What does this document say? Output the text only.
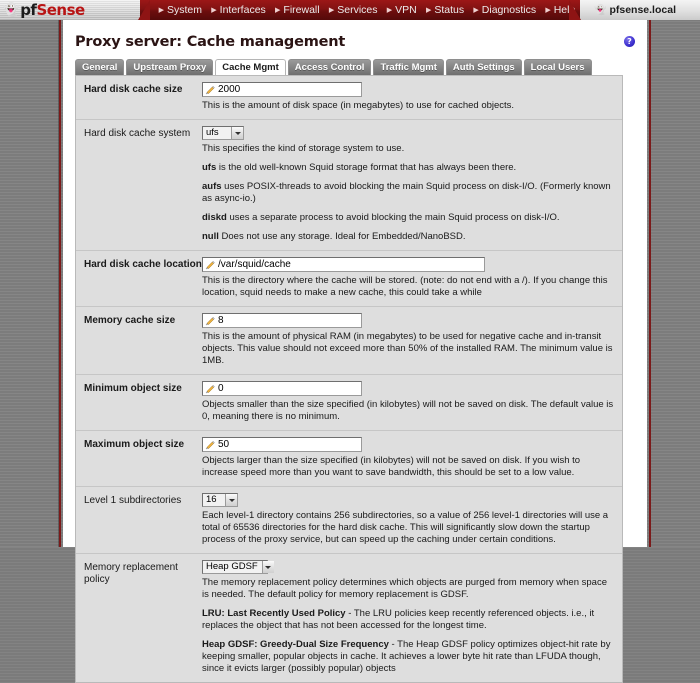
👻 pfSense	▶ System ▶ Interfaces ▶ Firewall ▶ Services ▶ VPN ▶ Status ▶ Diagnostics ▶ Help 👻 pfsense.local
Proxy server: Cache management	?
General	Upstream Proxy	Cache Mgmt	Access Control	Traffic Mgmt	Auth Settings	Local Users
Hard disk cache size	2000
This is the amount of disk space (in megabytes) to use for cached objects.
Hard disk cache system	ufs
This specifies the kind of storage system to use.
ufs is the old well-known Squid storage format that has always been there.
aufs uses POSIX-threads to avoid blocking the main Squid process on disk-I/O. (Formerly known as async-io.)
diskd uses a separate process to avoid blocking the main Squid process on disk-I/O.
null Does not use any storage. Ideal for Embedded/NanoBSD.
Hard disk cache location /var/squid/cache
This is the directory where the cache will be stored. (note: do not end with a /). If you change this location, squid needs to make a new cache, this could take a while
Memory cache size	8
This is the amount of physical RAM (in megabytes) to be used for negative cache and in-transit objects. This value should not exceed more than 50% of the installed RAM. The minimum value is 1MB.
Minimum object size	0
Objects smaller than the size specified (in kilobytes) will not be saved on disk. The default value is 0, meaning there is no minimum.
Maximum object size	50
Objects larger than the size specified (in kilobytes) will not be saved on disk. If you wish to increase speed more than you want to save bandwidth, this should be set to a low value.
Level 1 subdirectories	16
Each level-1 directory contains 256 subdirectories, so a value of 256 level-1 directories will use a total of 65536 directories for the hard disk cache. This will significantly slow down the startup process of the proxy service, but can speed up the caching under certain conditions.
Memory replacement policy
Heap GDSF
The memory replacement policy determines which objects are purged from memory when space is needed. The default policy for memory replacement is GDSF.
LRU: Last Recently Used Policy - The LRU policies keep recently referenced objects. i.e., it replaces the object that has not been accessed for the longest time.
Heap GDSF: Greedy-Dual Size Frequency - The Heap GDSF policy optimizes object-hit rate by keeping smaller, popular objects in cache. It achieves a lower byte hit rate than LFUDA though, since it evicts larger (possibly popular) objects
